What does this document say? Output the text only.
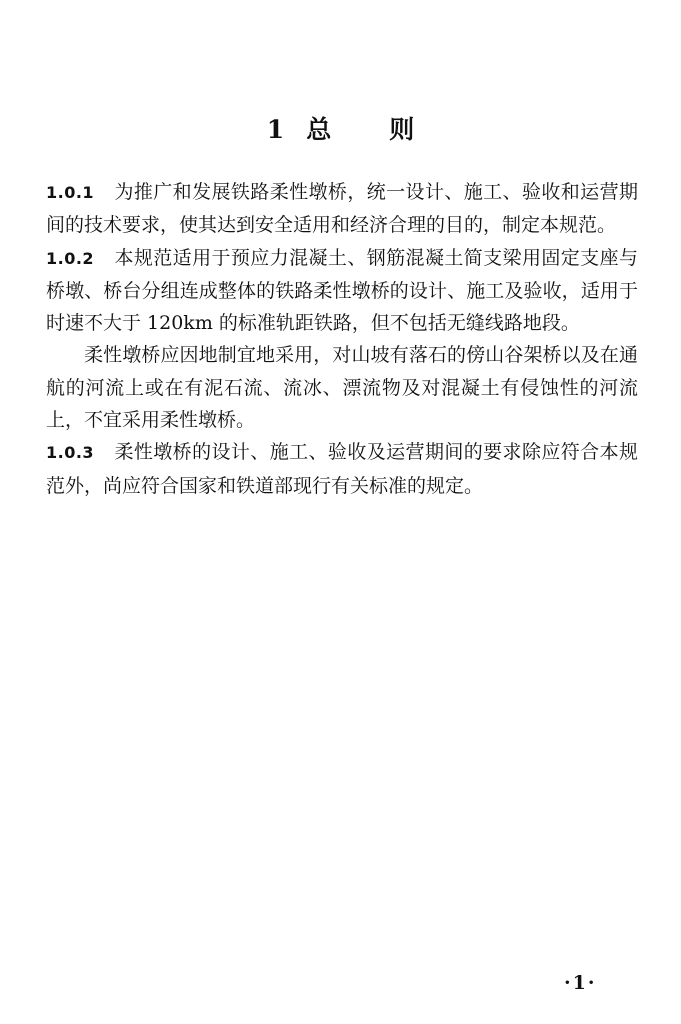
1 总 则

1.0.1 为推广和发展铁路柔性墩桥，统一设计、施工、验收和运营期间的技术要求，使其达到安全适用和经济合理的目的，制定本规范。

1.0.2 本规范适用于预应力混凝土、钢筋混凝土简支梁用固定支座与桥墩、桥台分组连成整体的铁路柔性墩桥的设计、施工及验收，适用于时速不大于 120km 的标准轨距铁路，但不包括无缝线路地段。

柔性墩桥应因地制宜地采用，对山坡有落石的傍山谷架桥以及在通航的河流上或在有泥石流、流冰、漂流物及对混凝土有侵蚀性的河流上，不宜采用柔性墩桥。

1.0.3 柔性墩桥的设计、施工、验收及运营期间的要求除应符合本规范外，尚应符合国家和铁道部现行有关标准的规定。

·1·
